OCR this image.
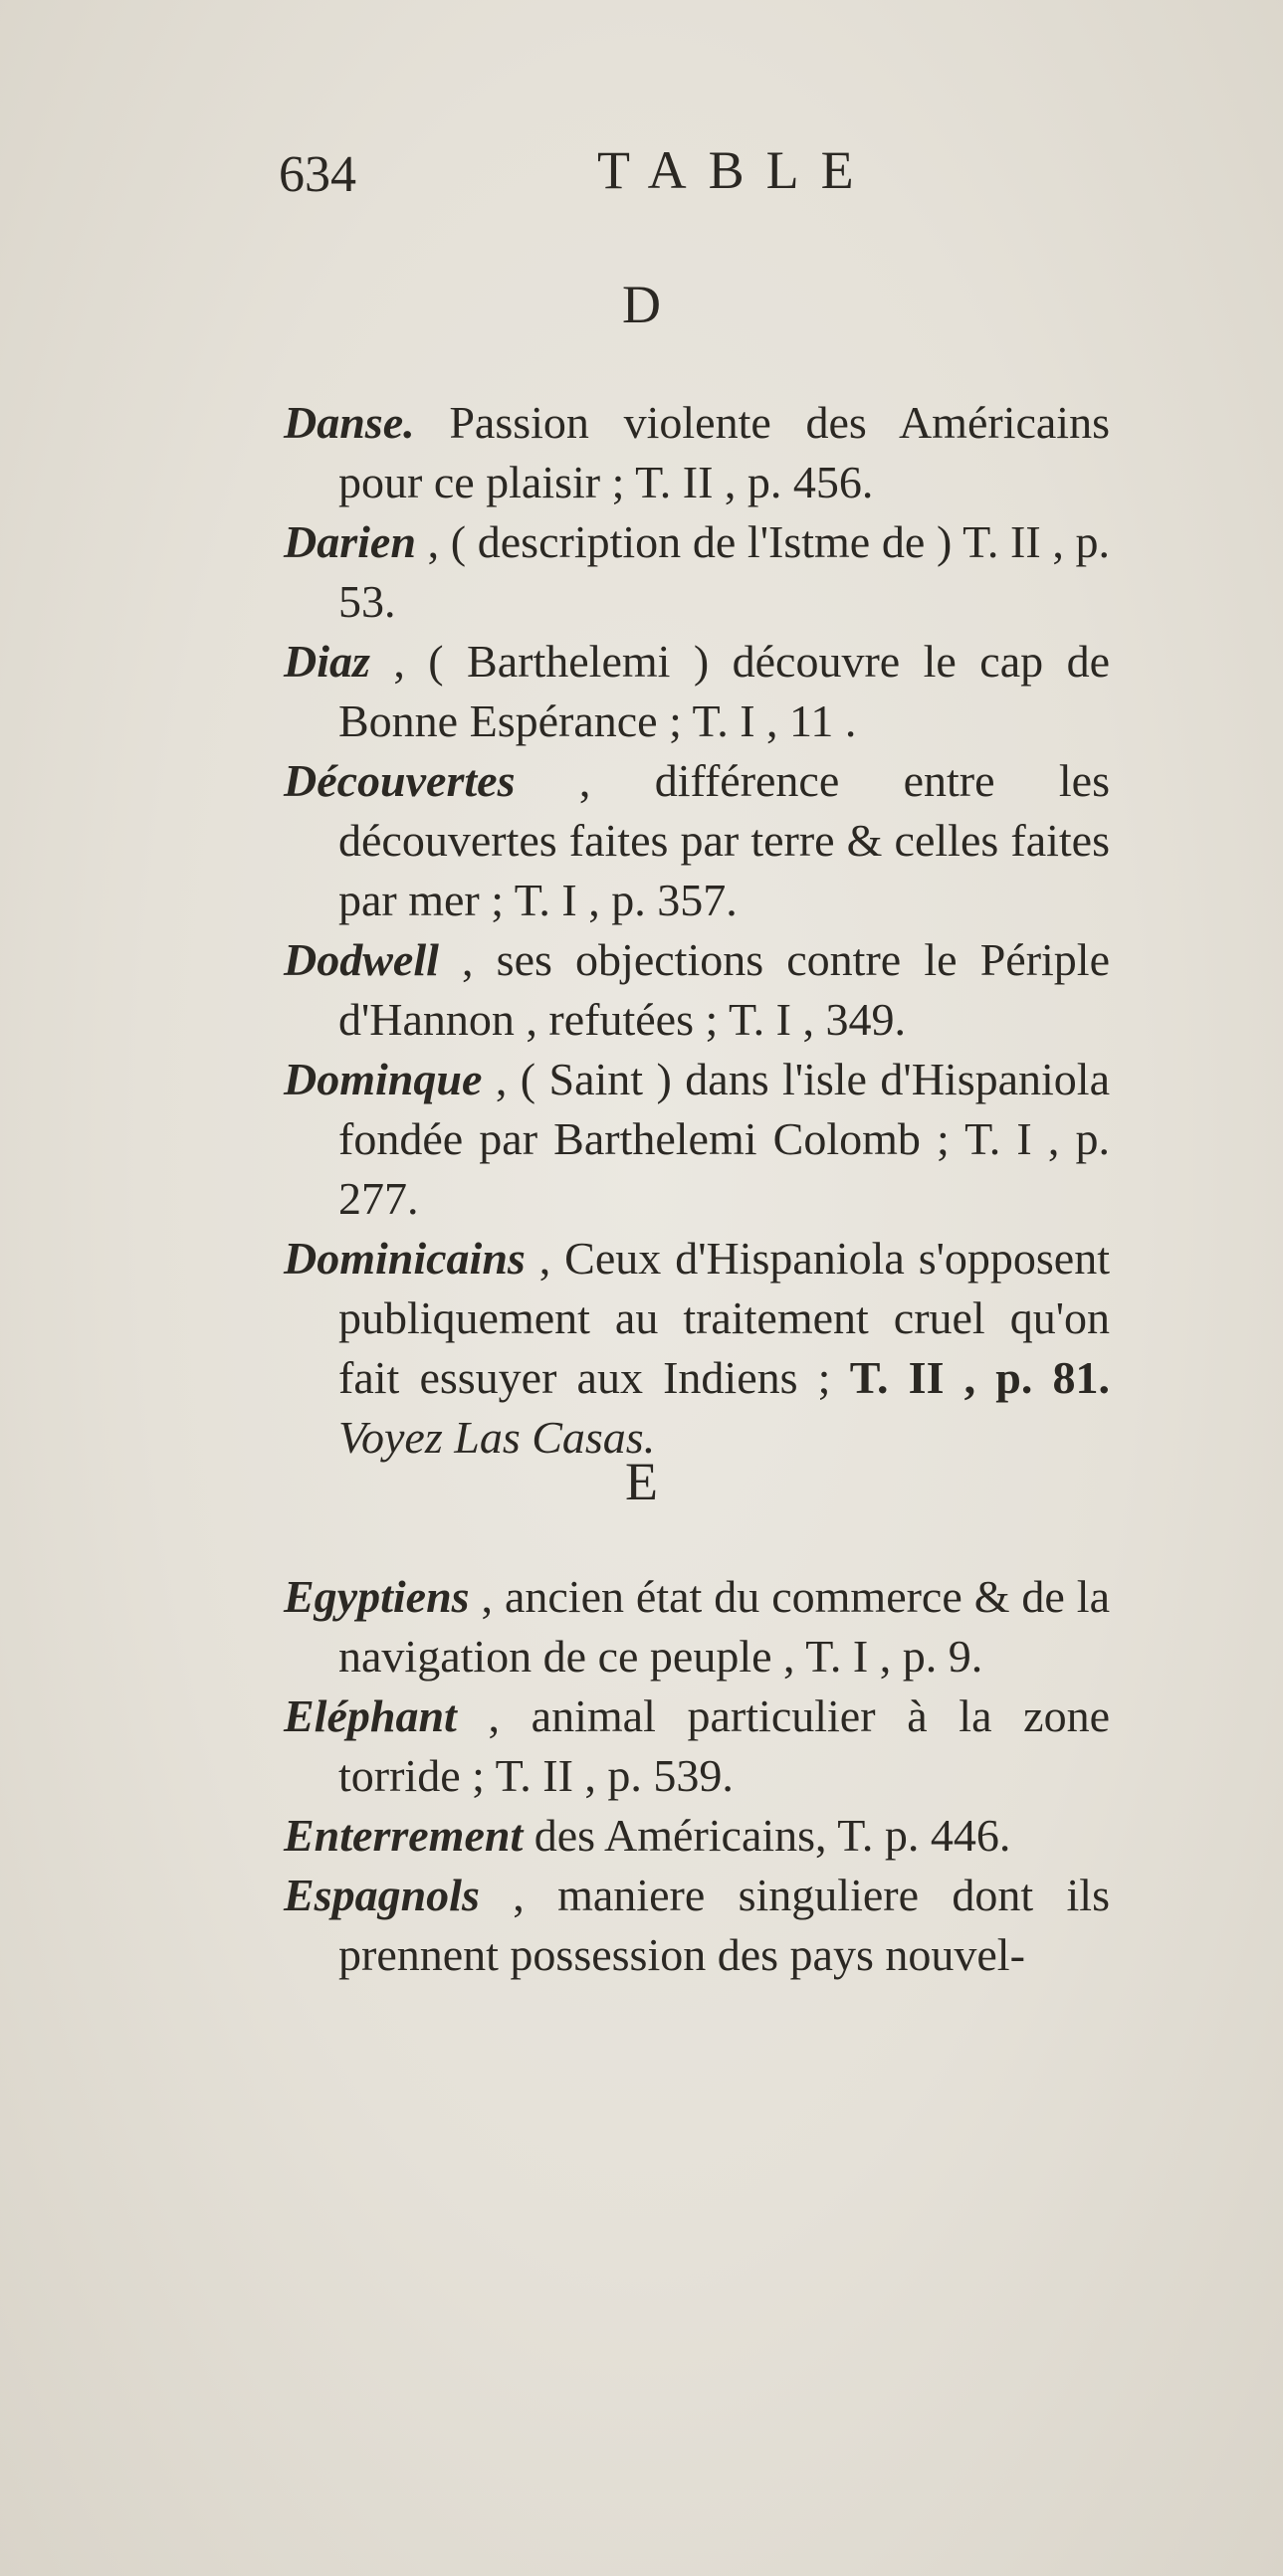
634	TABLE
D

Danse. Passion violente des Américains pour ce plaisir ; T. II , p. 456.

Darien , ( description de l'Istme de ) T. II , p. 53.

Diaz , ( Barthelemi ) découvre le cap de Bonne Espérance ; T. I , 11 .

Découvertes , différence entre les découvertes faites par terre & celles faites par mer ; T. I , p. 357.

Dodwell , ses objections contre le Périple d'Hannon , refutées ; T. I , 349.

Dominque , ( Saint ) dans l'isle d'Hispaniola fondée par Barthelemi Colomb ; T. I , p. 277.

Dominicains , Ceux d'Hispaniola s'opposent publiquement au traitement cruel qu'on fait essuyer aux Indiens ; T. II , p. 81. Voyez Las Casas.

E

Egyptiens , ancien état du commerce & de la navigation de ce peuple , T. I , p. 9.

Eléphant , animal particulier à la zone torride ; T. II , p. 539.

Enterrement des Américains, T. p. 446.

Espagnols , maniere singuliere dont ils prennent possession des pays nouvel-
